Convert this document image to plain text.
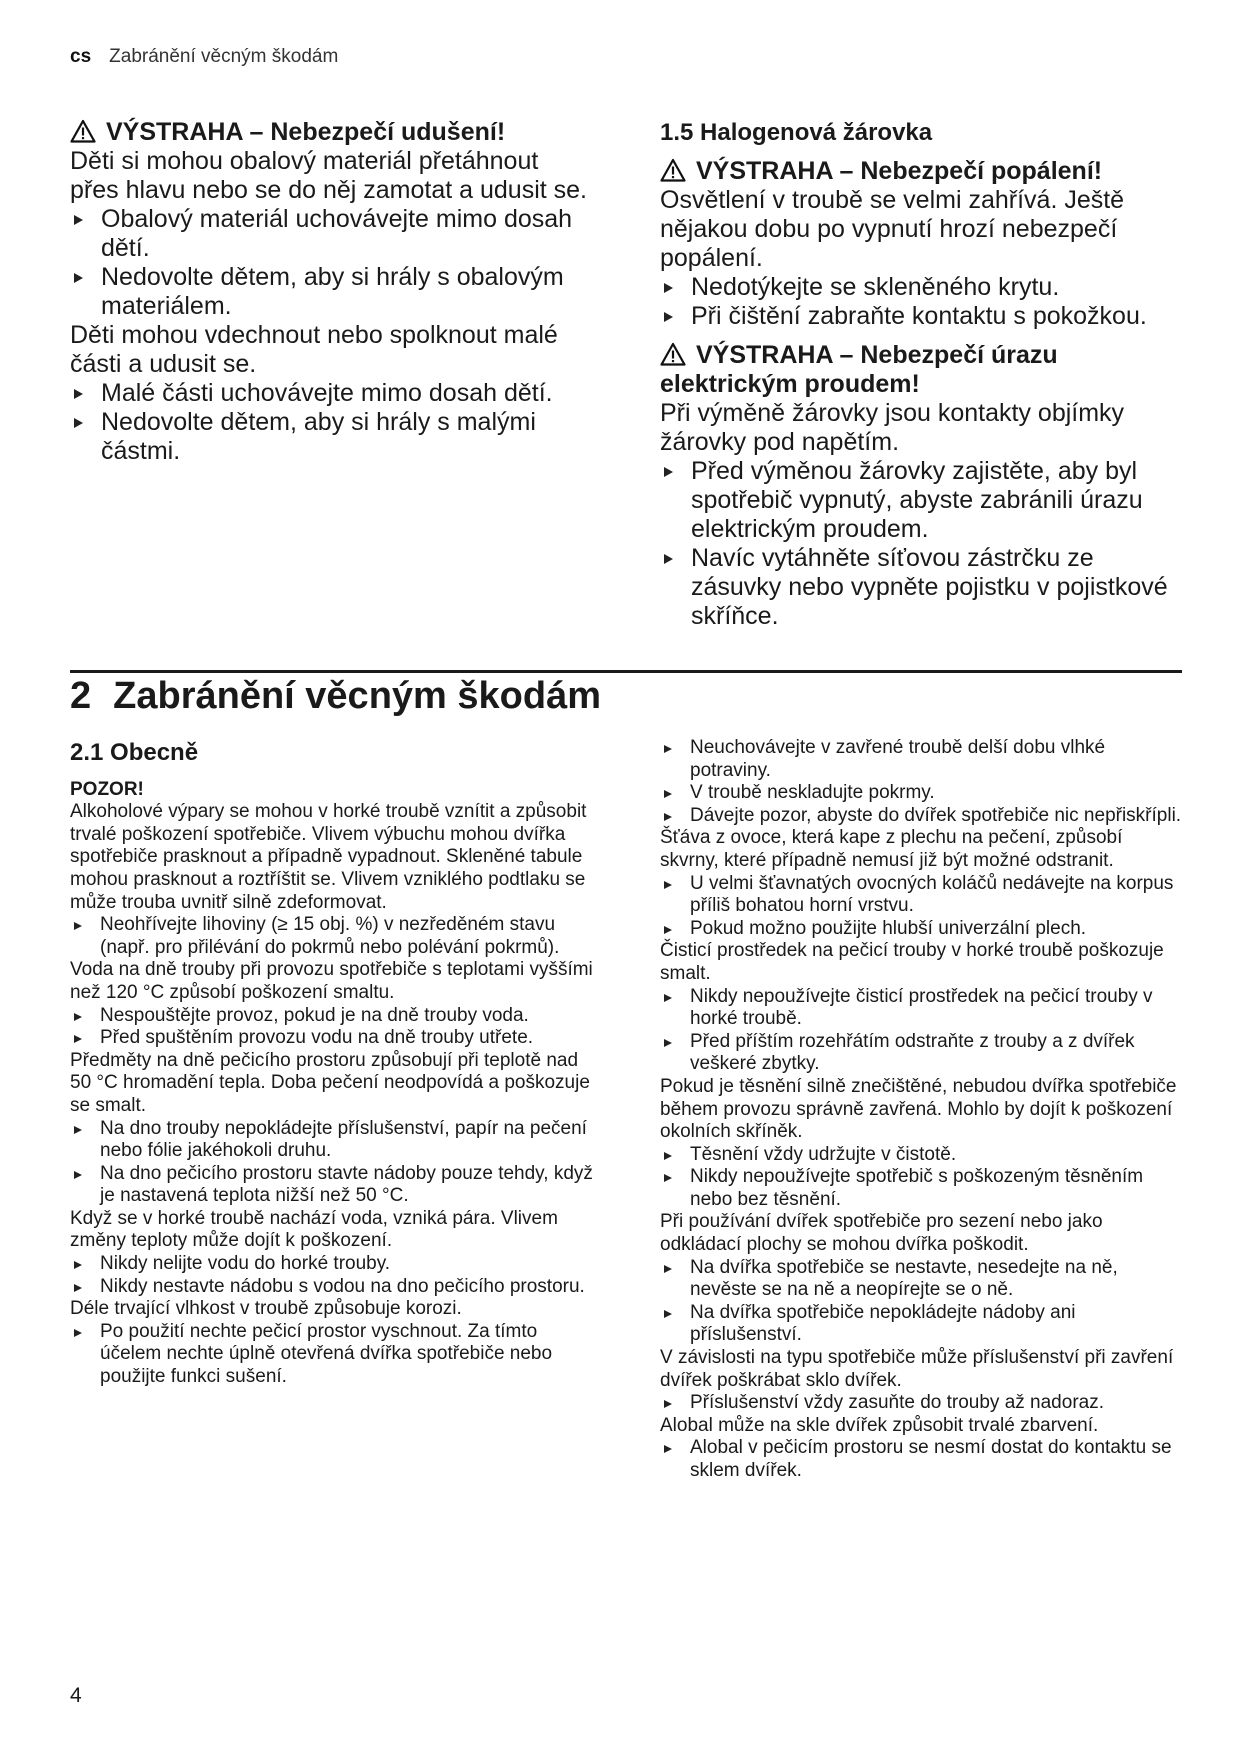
cs Zabránění věcným škodám
VÝSTRAHA – Nebezpečí udušení!

Děti si mohou obalový materiál přetáhnout přes hlavu nebo se do něj zamotat a udusit se.

Obalový materiál uchovávejte mimo dosah dětí.
Nedovolte dětem, aby si hrály s obalovým materiálem.

Děti mohou vdechnout nebo spolknout malé části a udusit se.

Malé části uchovávejte mimo dosah dětí.
Nedovolte dětem, aby si hrály s malými částmi.
1.5 Halogenová žárovka
VÝSTRAHA – Nebezpečí popálení!

Osvětlení v troubě se velmi zahřívá. Ještě nějakou dobu po vypnutí hrozí nebezpečí popálení.

Nedotýkejte se skleněného krytu.
Při čištění zabraňte kontaktu s pokožkou.
VÝSTRAHA – Nebezpečí úrazu elektrickým proudem!

Při výměně žárovky jsou kontakty objímky žárovky pod napětím.

Před výměnou žárovky zajistěte, aby byl spotřebič vypnutý, abyste zabránili úrazu elektrickým proudem.
Navíc vytáhněte síťovou zástrčku ze zásuvky nebo vypněte pojistku v pojistkové skříňce.
2 Zabránění věcným škodám
2.1 Obecně
POZOR!

Alkoholové výpary se mohou v horké troubě vznítit a způsobit trvalé poškození spotřebiče. Vlivem výbuchu mohou dvířka spotřebiče prasknout a případně vypadnout. Skleněné tabule mohou prasknout a roztříštit se. Vlivem vzniklého podtlaku se může trouba uvnitř silně zdeformovat.

Neohřívejte lihoviny (≥ 15 obj. %) v nezředěném stavu (např. pro přilévání do pokrmů nebo polévání pokrmů).

Voda na dně trouby při provozu spotřebiče s teplotami vyššími než 120 °C způsobí poškození smaltu.

Nespouštějte provoz, pokud je na dně trouby voda.
Před spuštěním provozu vodu na dně trouby utřete.

Předměty na dně pečicího prostoru způsobují při teplotě nad 50 °C hromadění tepla. Doba pečení neodpovídá a poškozuje se smalt.

Na dno trouby nepokládejte příslušenství, papír na pečení nebo fólie jakéhokoli druhu.
Na dno pečicího prostoru stavte nádoby pouze tehdy, když je nastavená teplota nižší než 50 °C.

Když se v horké troubě nachází voda, vzniká pára. Vlivem změny teploty může dojít k poškození.

Nikdy nelijte vodu do horké trouby.
Nikdy nestavte nádobu s vodou na dno pečicího prostoru.

Déle trvající vlhkost v troubě způsobuje korozi.

Po použití nechte pečicí prostor vyschnout. Za tímto účelem nechte úplně otevřená dvířka spotřebiče nebo použijte funkci sušení.
Neuchovávejte v zavřené troubě delší dobu vlhké potraviny.
V troubě neskladujte pokrmy.
Dávejte pozor, abyste do dvířek spotřebiče nic nepřiskřípli.

Šťáva z ovoce, která kape z plechu na pečení, způsobí skvrny, které případně nemusí již být možné odstranit.

U velmi šťavnatých ovocných koláčů nedávejte na korpus příliš bohatou horní vrstvu.
Pokud možno použijte hlubší univerzální plech.

Čisticí prostředek na pečicí trouby v horké troubě poškozuje smalt.

Nikdy nepoužívejte čisticí prostředek na pečicí trouby v horké troubě.
Před příštím rozehřátím odstraňte z trouby a z dvířek veškeré zbytky.

Pokud je těsnění silně znečištěné, nebudou dvířka spotřebiče během provozu správně zavřená. Mohlo by dojít k poškození okolních skříněk.

Těsnění vždy udržujte v čistotě.
Nikdy nepoužívejte spotřebič s poškozeným těsněním nebo bez těsnění.

Při používání dvířek spotřebiče pro sezení nebo jako odkládací plochy se mohou dvířka poškodit.

Na dvířka spotřebiče se nestavte, nesedejte na ně, nevěste se na ně a neopírejte se o ně.
Na dvířka spotřebiče nepokládejte nádoby ani příslušenství.

V závislosti na typu spotřebiče může příslušenství při zavření dvířek poškrábat sklo dvířek.

Příslušenství vždy zasuňte do trouby až nadoraz.

Alobal může na skle dvířek způsobit trvalé zbarvení.

Alobal v pečicím prostoru se nesmí dostat do kontaktu se sklem dvířek.
4
